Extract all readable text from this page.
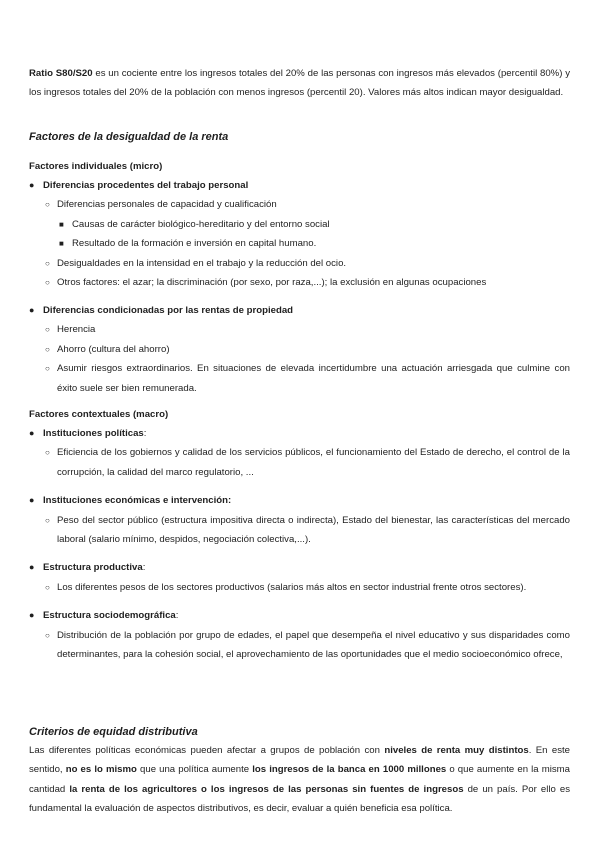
Ratio S80/S20 es un cociente entre los ingresos totales del 20% de las personas con ingresos más elevados (percentil 80%) y los ingresos totales del 20% de la población con menos ingresos (percentil 20). Valores más altos indican mayor desigualdad.

Factores de la desigualdad de la renta
Factores individuales (micro)
● Diferencias procedentes del trabajo personal
○ Diferencias personales de capacidad y cualificación
■ Causas de carácter biológico-hereditario y del entorno social
■ Resultado de la formación e inversión en capital humano.
○ Desigualdades en la intensidad en el trabajo y la reducción del ocio.
○ Otros factores: el azar; la discriminación (por sexo, por raza,...); la exclusión en algunas ocupaciones
● Diferencias condicionadas por las rentas de propiedad
○ Herencia
○ Ahorro (cultura del ahorro)
○ Asumir riesgos extraordinarios. En situaciones de elevada incertidumbre una actuación arriesgada que culmine con éxito suele ser bien remunerada.
Factores contextuales (macro)
● Instituciones políticas:
○ Eficiencia de los gobiernos y calidad de los servicios públicos, el funcionamiento del Estado de derecho, el control de la corrupción, la calidad del marco regulatorio, ...
● Instituciones económicas e intervención:
○ Peso del sector público (estructura impositiva directa o indirecta), Estado del bienestar, las características del mercado laboral (salario mínimo, despidos, negociación colectiva,...).
● Estructura productiva:
○ Los diferentes pesos de los sectores productivos (salarios más altos en sector industrial frente otros sectores).
● Estructura sociodemográfica:
○ Distribución de la población por grupo de edades, el papel que desempeña el nivel educativo y sus disparidades como determinantes, para la cohesión social, el aprovechamiento de las oportunidades que el medio socioeconómico ofrece,
Criterios de equidad distributiva

Las diferentes políticas económicas pueden afectar a grupos de población con niveles de renta muy distintos. En este sentido, no es lo mismo que una política aumente los ingresos de la banca en 1000 millones o que aumente en la misma cantidad la renta de los agricultores o los ingresos de las personas sin fuentes de ingresos de un país. Por ello es fundamental la evaluación de aspectos distributivos, es decir, evaluar a quién beneficia esa política.
